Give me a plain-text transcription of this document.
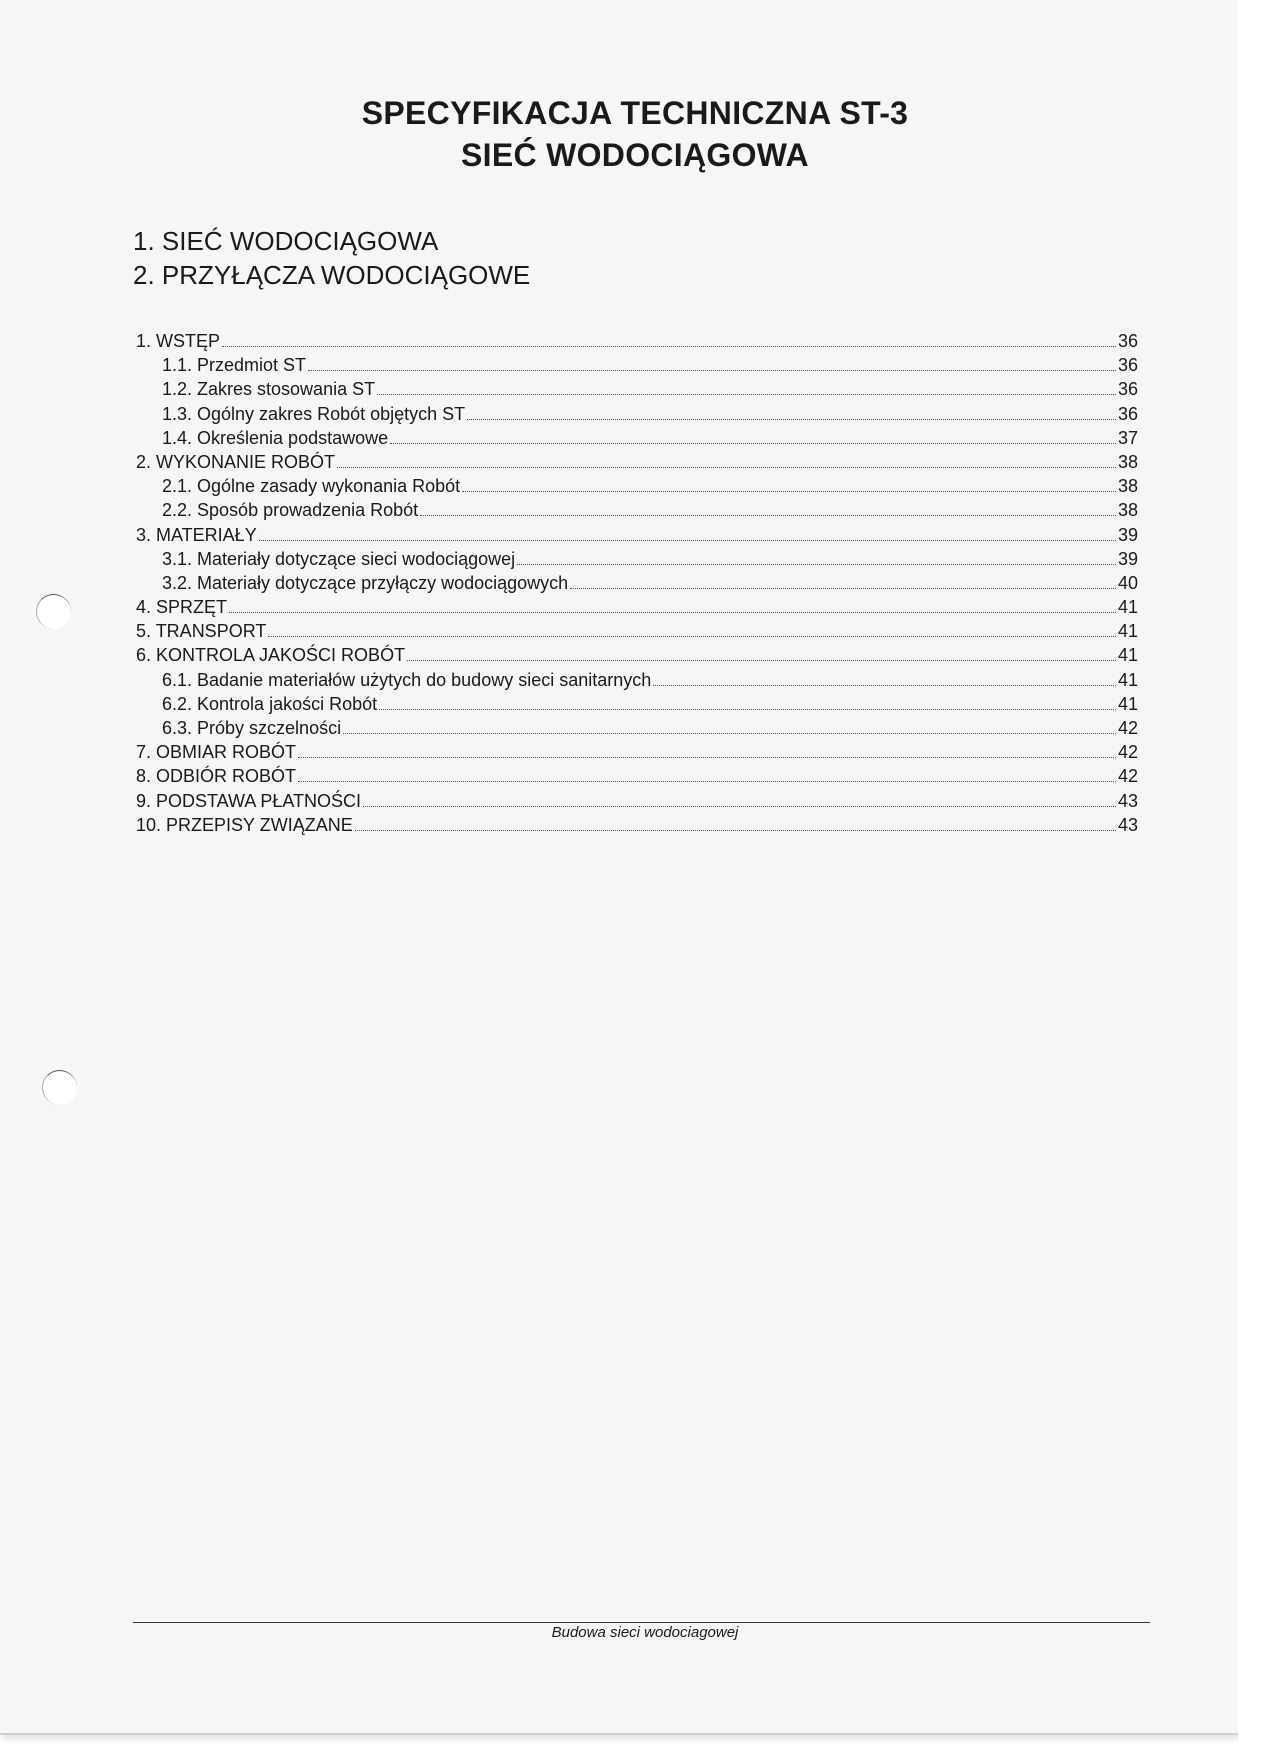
SPECYFIKACJA TECHNICZNA ST-3
SIEĆ WODOCIĄGOWA
1. SIEĆ WODOCIĄGOWA
2. PRZYŁĄCZA WODOCIĄGOWE
1. WSTĘP	36
1.1. Przedmiot ST	36
1.2. Zakres stosowania ST	36
1.3. Ogólny zakres Robót objętych ST	36
1.4. Określenia podstawowe	37
2. WYKONANIE ROBÓT	38
2.1. Ogólne zasady wykonania Robót	38
2.2. Sposób prowadzenia Robót	38
3. MATERIAŁY	39
3.1. Materiały dotyczące sieci wodociągowej	39
3.2. Materiały dotyczące przyłączy wodociągowych	40
4. SPRZĘT	41
5. TRANSPORT	41
6. KONTROLA JAKOŚCI ROBÓT	41
6.1. Badanie materiałów użytych do budowy sieci sanitarnych	41
6.2. Kontrola jakości Robót	41
6.3. Próby szczelności	42
7. OBMIAR ROBÓT	42
8. ODBIÓR ROBÓT	42
9. PODSTAWA PŁATNOŚCI	43
10. PRZEPISY ZWIĄZANE	43
Budowa sieci wodociagowej
